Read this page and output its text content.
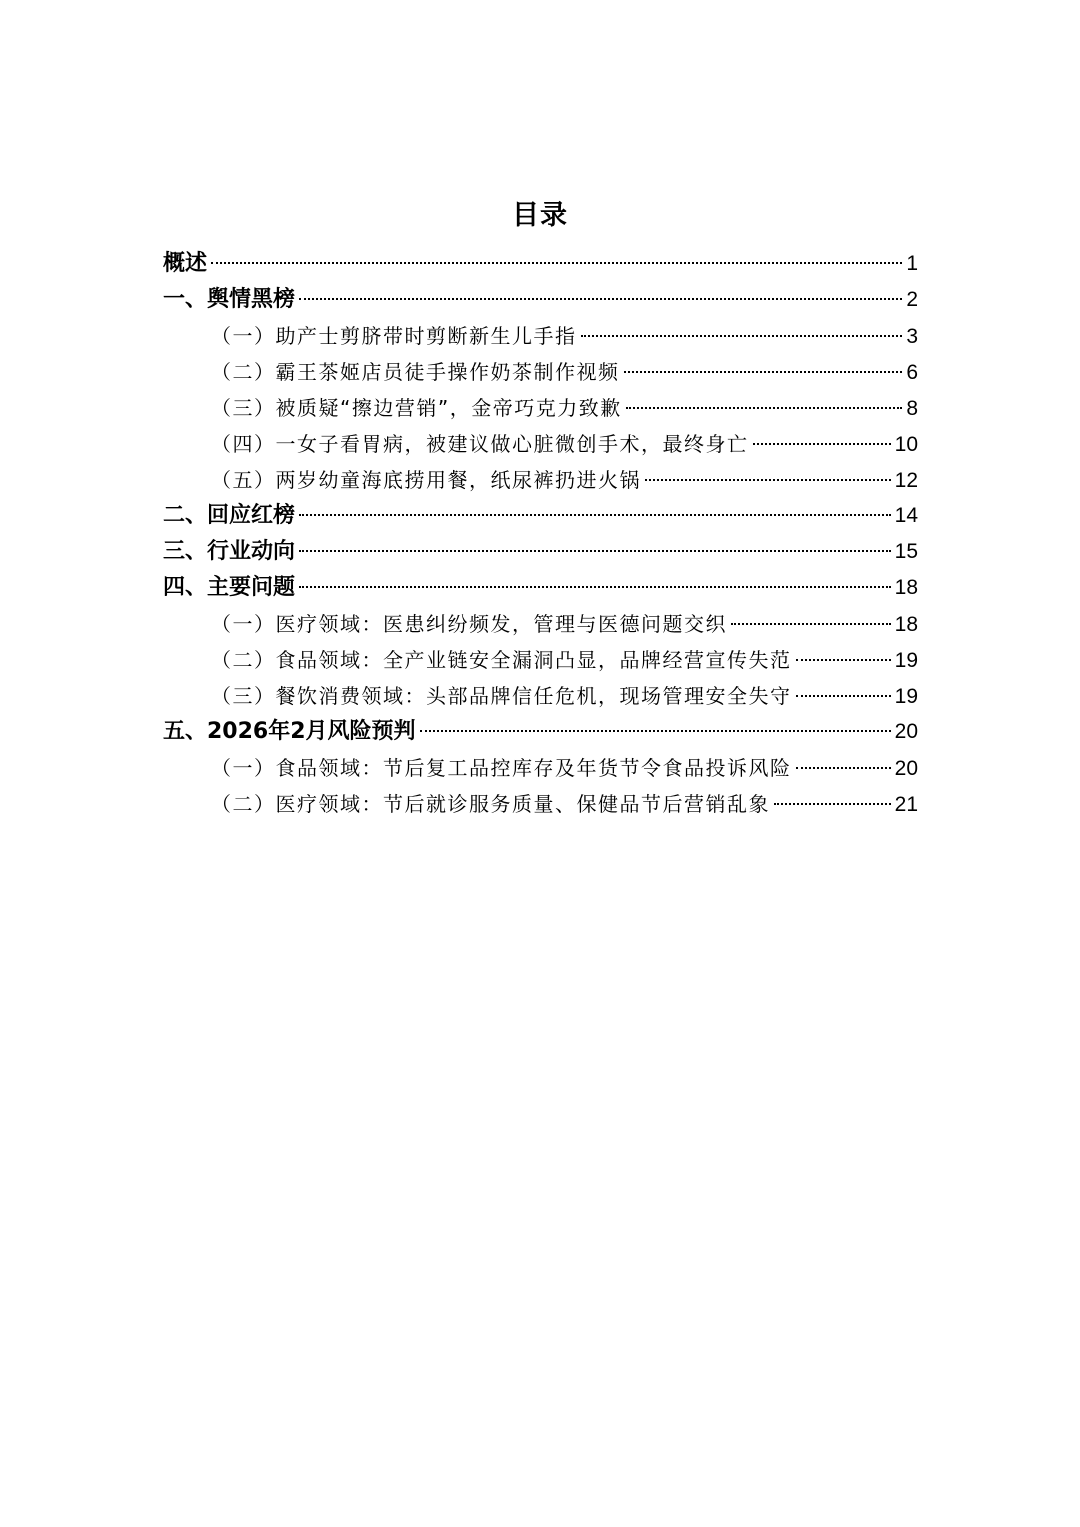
目录
概述	1
一、舆情黑榜	2
（一）助产士剪脐带时剪断新生儿手指	3
（二）霸王茶姬店员徒手操作奶茶制作视频	6
（三）被质疑“擦边营销”，金帝巧克力致歉	8
（四）一女子看胃病，被建议做心脏微创手术，最终身亡	10
（五）两岁幼童海底捞用餐，纸尿裤扔进火锅	12
二、回应红榜	14
三、行业动向	15
四、主要问题	18
（一）医疗领域：医患纠纷频发，管理与医德问题交织	18
（二）食品领域：全产业链安全漏洞凸显，品牌经营宣传失范	19
（三）餐饮消费领域：头部品牌信任危机，现场管理安全失守	19
五、2026年2月风险预判	20
（一）食品领域：节后复工品控库存及年货节令食品投诉风险	20
（二）医疗领域：节后就诊服务质量、保健品节后营销乱象	21
